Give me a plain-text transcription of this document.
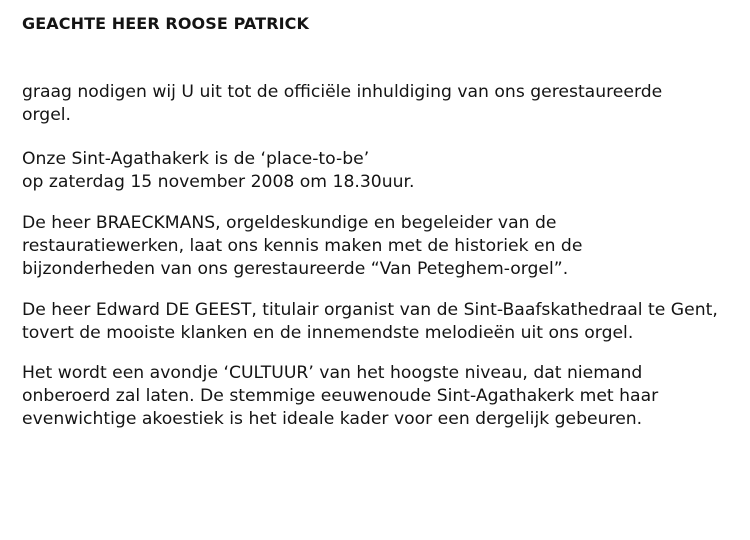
GEACHTE HEER ROOSE PATRICK

graag nodigen wij U uit tot de officiële inhuldiging van ons gerestaureerde
orgel.

Onze Sint-Agathakerk is de ‘place-to-be’
op zaterdag 15 november 2008 om 18.30uur.

De heer BRAECKMANS, orgeldeskundige en begeleider van de
restauratiewerken, laat ons kennis maken met de historiek en de
bijzonderheden van ons gerestaureerde “Van Peteghem-orgel”.

De heer Edward DE GEEST, titulair organist van de Sint-Baafskathedraal te Gent,
tovert de mooiste klanken en de innemendste melodieën uit ons orgel.

Het wordt een avondje ‘CULTUUR’ van het hoogste niveau, dat niemand
onberoerd zal laten. De stemmige eeuwenoude Sint-Agathakerk met haar
evenwichtige akoestiek is het ideale kader voor een dergelijk gebeuren.
